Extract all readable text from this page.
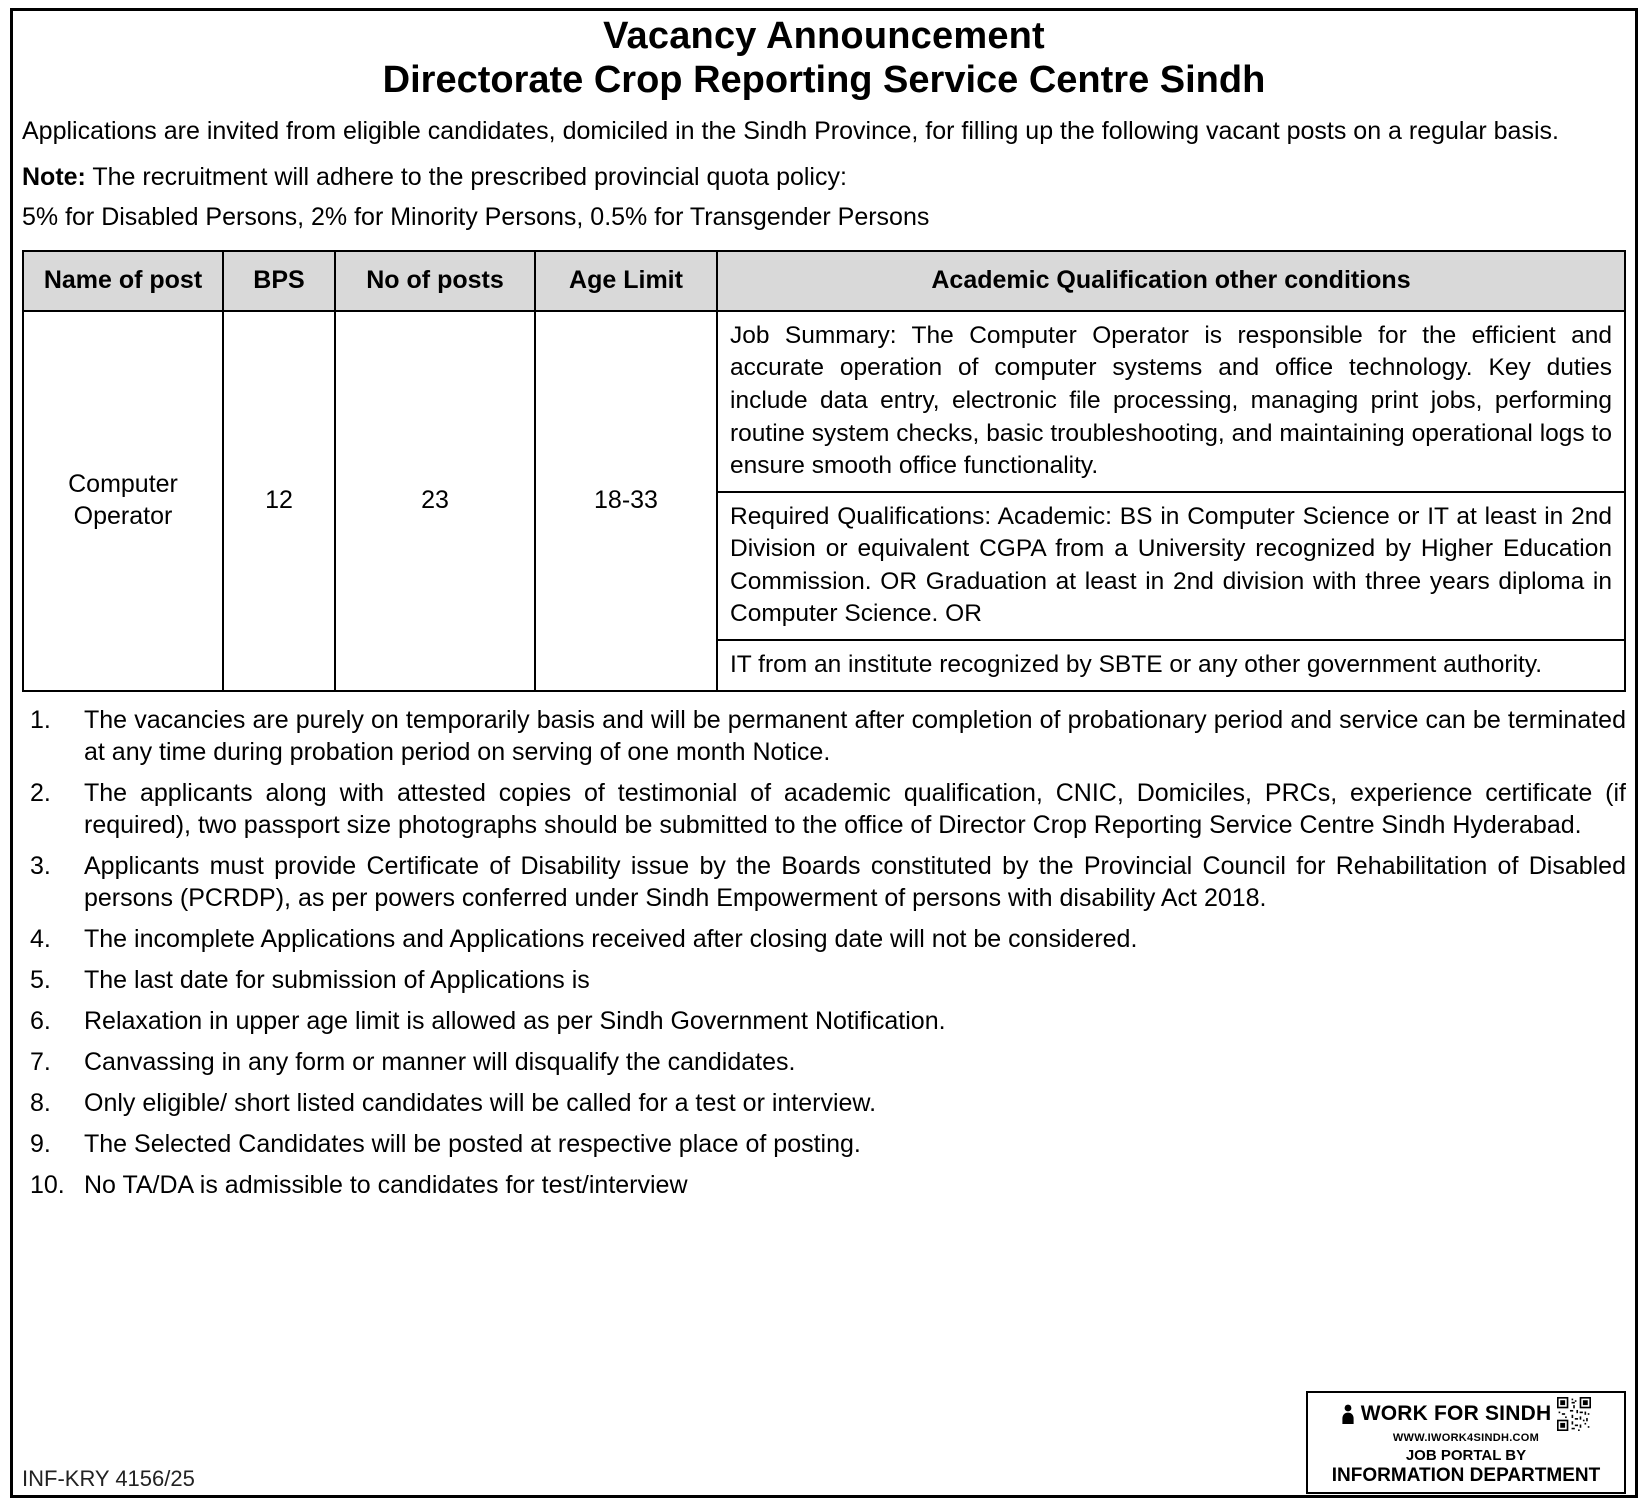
Vacancy Announcement
Directorate Crop Reporting Service Centre Sindh
Applications are invited from eligible candidates, domiciled in the Sindh Province, for filling up the following vacant posts on a regular basis.
Note: The recruitment will adhere to the prescribed provincial quota policy:
5% for Disabled Persons, 2% for Minority Persons, 0.5% for Transgender Persons
Name of post	BPS	No of posts	Age Limit	Academic Qualification other conditions
Computer Operator	12	23	18-33	Job Summary: The Computer Operator is responsible for the efficient and accurate operation of computer systems and office technology. Key duties include data entry, electronic file processing, managing print jobs, performing routine system checks, basic troubleshooting, and maintaining operational logs to ensure smooth office functionality.
Required Qualifications: Academic: BS in Computer Science or IT at least in 2nd Division or equivalent CGPA from a University recognized by Higher Education Commission. OR Graduation at least in 2nd division with three years diploma in Computer Science. OR
IT from an institute recognized by SBTE or any other government authority.
1.	The vacancies are purely on temporarily basis and will be permanent after completion of probationary period and service can be terminated at any time during probation period on serving of one month Notice.
2.	The applicants along with attested copies of testimonial of academic qualification, CNIC, Domiciles, PRCs, experience certificate (if required), two passport size photographs should be submitted to the office of Director Crop Reporting Service Centre Sindh Hyderabad.
3.	Applicants must provide Certificate of Disability issue by the Boards constituted by the Provincial Council for Rehabilitation of Disabled persons (PCRDP), as per powers conferred under Sindh Empowerment of persons with disability Act 2018.
4.	The incomplete Applications and Applications received after closing date will not be considered.
5.	The last date for submission of Applications is
6.	Relaxation in upper age limit is allowed as per Sindh Government Notification.
7.	Canvassing in any form or manner will disqualify the candidates.
8.	Only eligible/ short listed candidates will be called for a test or interview.
9.	The Selected Candidates will be posted at respective place of posting.
10. No TA/DA is admissible to candidates for test/interview
INF-KRY 4156/25
WORK FOR SINDH
WWW.IWORK4SINDH.COM
JOB PORTAL BY
INFORMATION DEPARTMENT
